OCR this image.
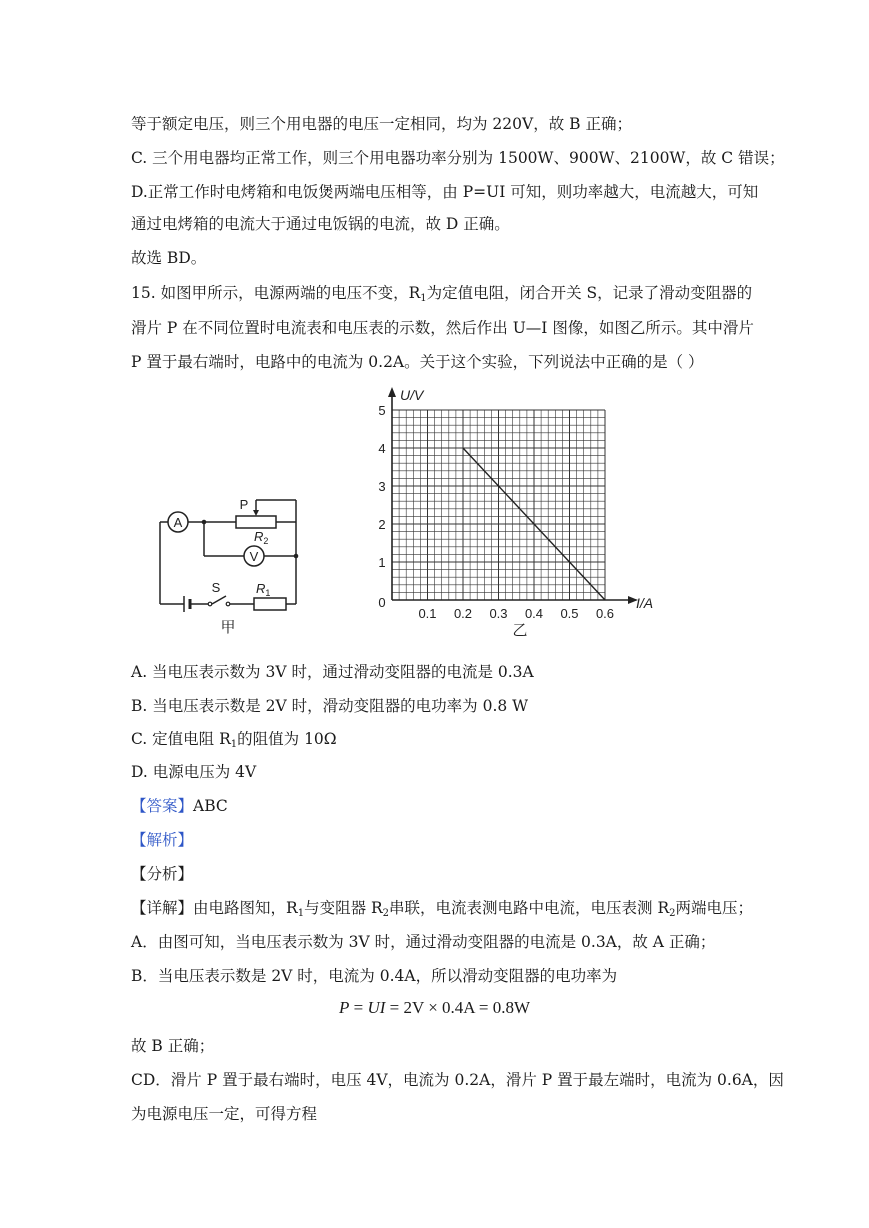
等于额定电压，则三个用电器的电压一定相同，均为 220V，故 B 正确；
C. 三个用电器均正常工作，则三个用电器功率分别为 1500W、900W、2100W，故 C 错误；
D.正常工作时电烤箱和电饭煲两端电压相等，由 P=UI 可知，则功率越大，电流越大，可知
通过电烤箱的电流大于通过电饭锅的电流，故 D 正确。
故选 BD。
15. 如图甲所示，电源两端的电压不变，$R_1$为定值电阻，闭合开关 S，记录了滑动变阻器的
滑片 P 在不同位置时电流表和电压表的示数，然后作出 U—I 图像，如图乙所示。其中滑片
P 置于最右端时，电路中的电流为 0.2A。关于这个实验，下列说法中正确的是（ ）
A
V
P
$R_2$
$R_1$
S
甲
0.1 0.2 0.3 0.4 0.5 0.6
1
2
3
4
5
U/V
I/A
0
乙
A. 当电压表示数为 3V 时，通过滑动变阻器的电流是 0.3A
B. 当电压表示数是 2V 时，滑动变阻器的电功率为 0.8 W
C. 定值电阻 $R_1$的阻值为 10Ω
D. 电源电压为 4V
【答案】ABC
【解析】
【分析】
【详解】由电路图知，$R_1$与变阻器 $R_2$串联，电流表测电路中电流，电压表测 $R_2$两端电压；
A．由图可知，当电压表示数为 3V 时，通过滑动变阻器的电流是 0.3A，故 A 正确；
B．当电压表示数是 2V 时，电流为 0.4A，所以滑动变阻器的电功率为
P = UI = 2V × 0.4A = 0.8W
故 B 正确；
CD．滑片 P 置于最右端时，电压 4V，电流为 0.2A，滑片 P 置于最左端时，电流为 0.6A，因
为电源电压一定，可得方程
